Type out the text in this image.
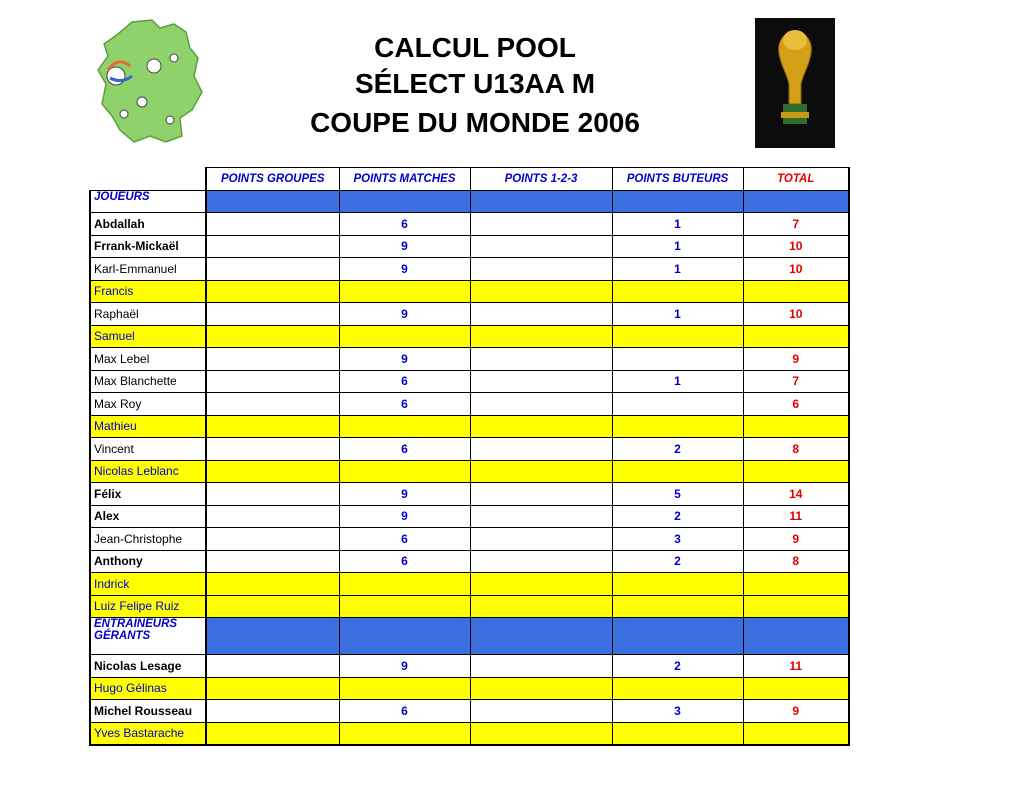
CALCUL POOL
SÉLECT U13AA M
COUPE DU MONDE 2006
	POINTS GROUPES	POINTS MATCHES	POINTS 1-2-3	POINTS BUTEURS	TOTAL
JOUEURS					
Abdallah		6		1	7
Frrank-Mickaël		9		1	10
Karl-Emmanuel		9		1	10
Francis					
Raphaël		9		1	10
Samuel					
Max Lebel		9			9
Max Blanchette		6		1	7
Max Roy		6			6
Mathieu					
Vincent		6		2	8
Nicolas Leblanc					
Félix		9		5	14
Alex		9		2	11
Jean-Christophe		6		3	9
Anthony		6		2	8
Indrick					
Luiz Felipe Ruiz					
ENTRAINEURS
GÉRANTS					
Nicolas Lesage		9		2	11
Hugo Gélinas					
Michel Rousseau		6		3	9
Yves Bastarache					
